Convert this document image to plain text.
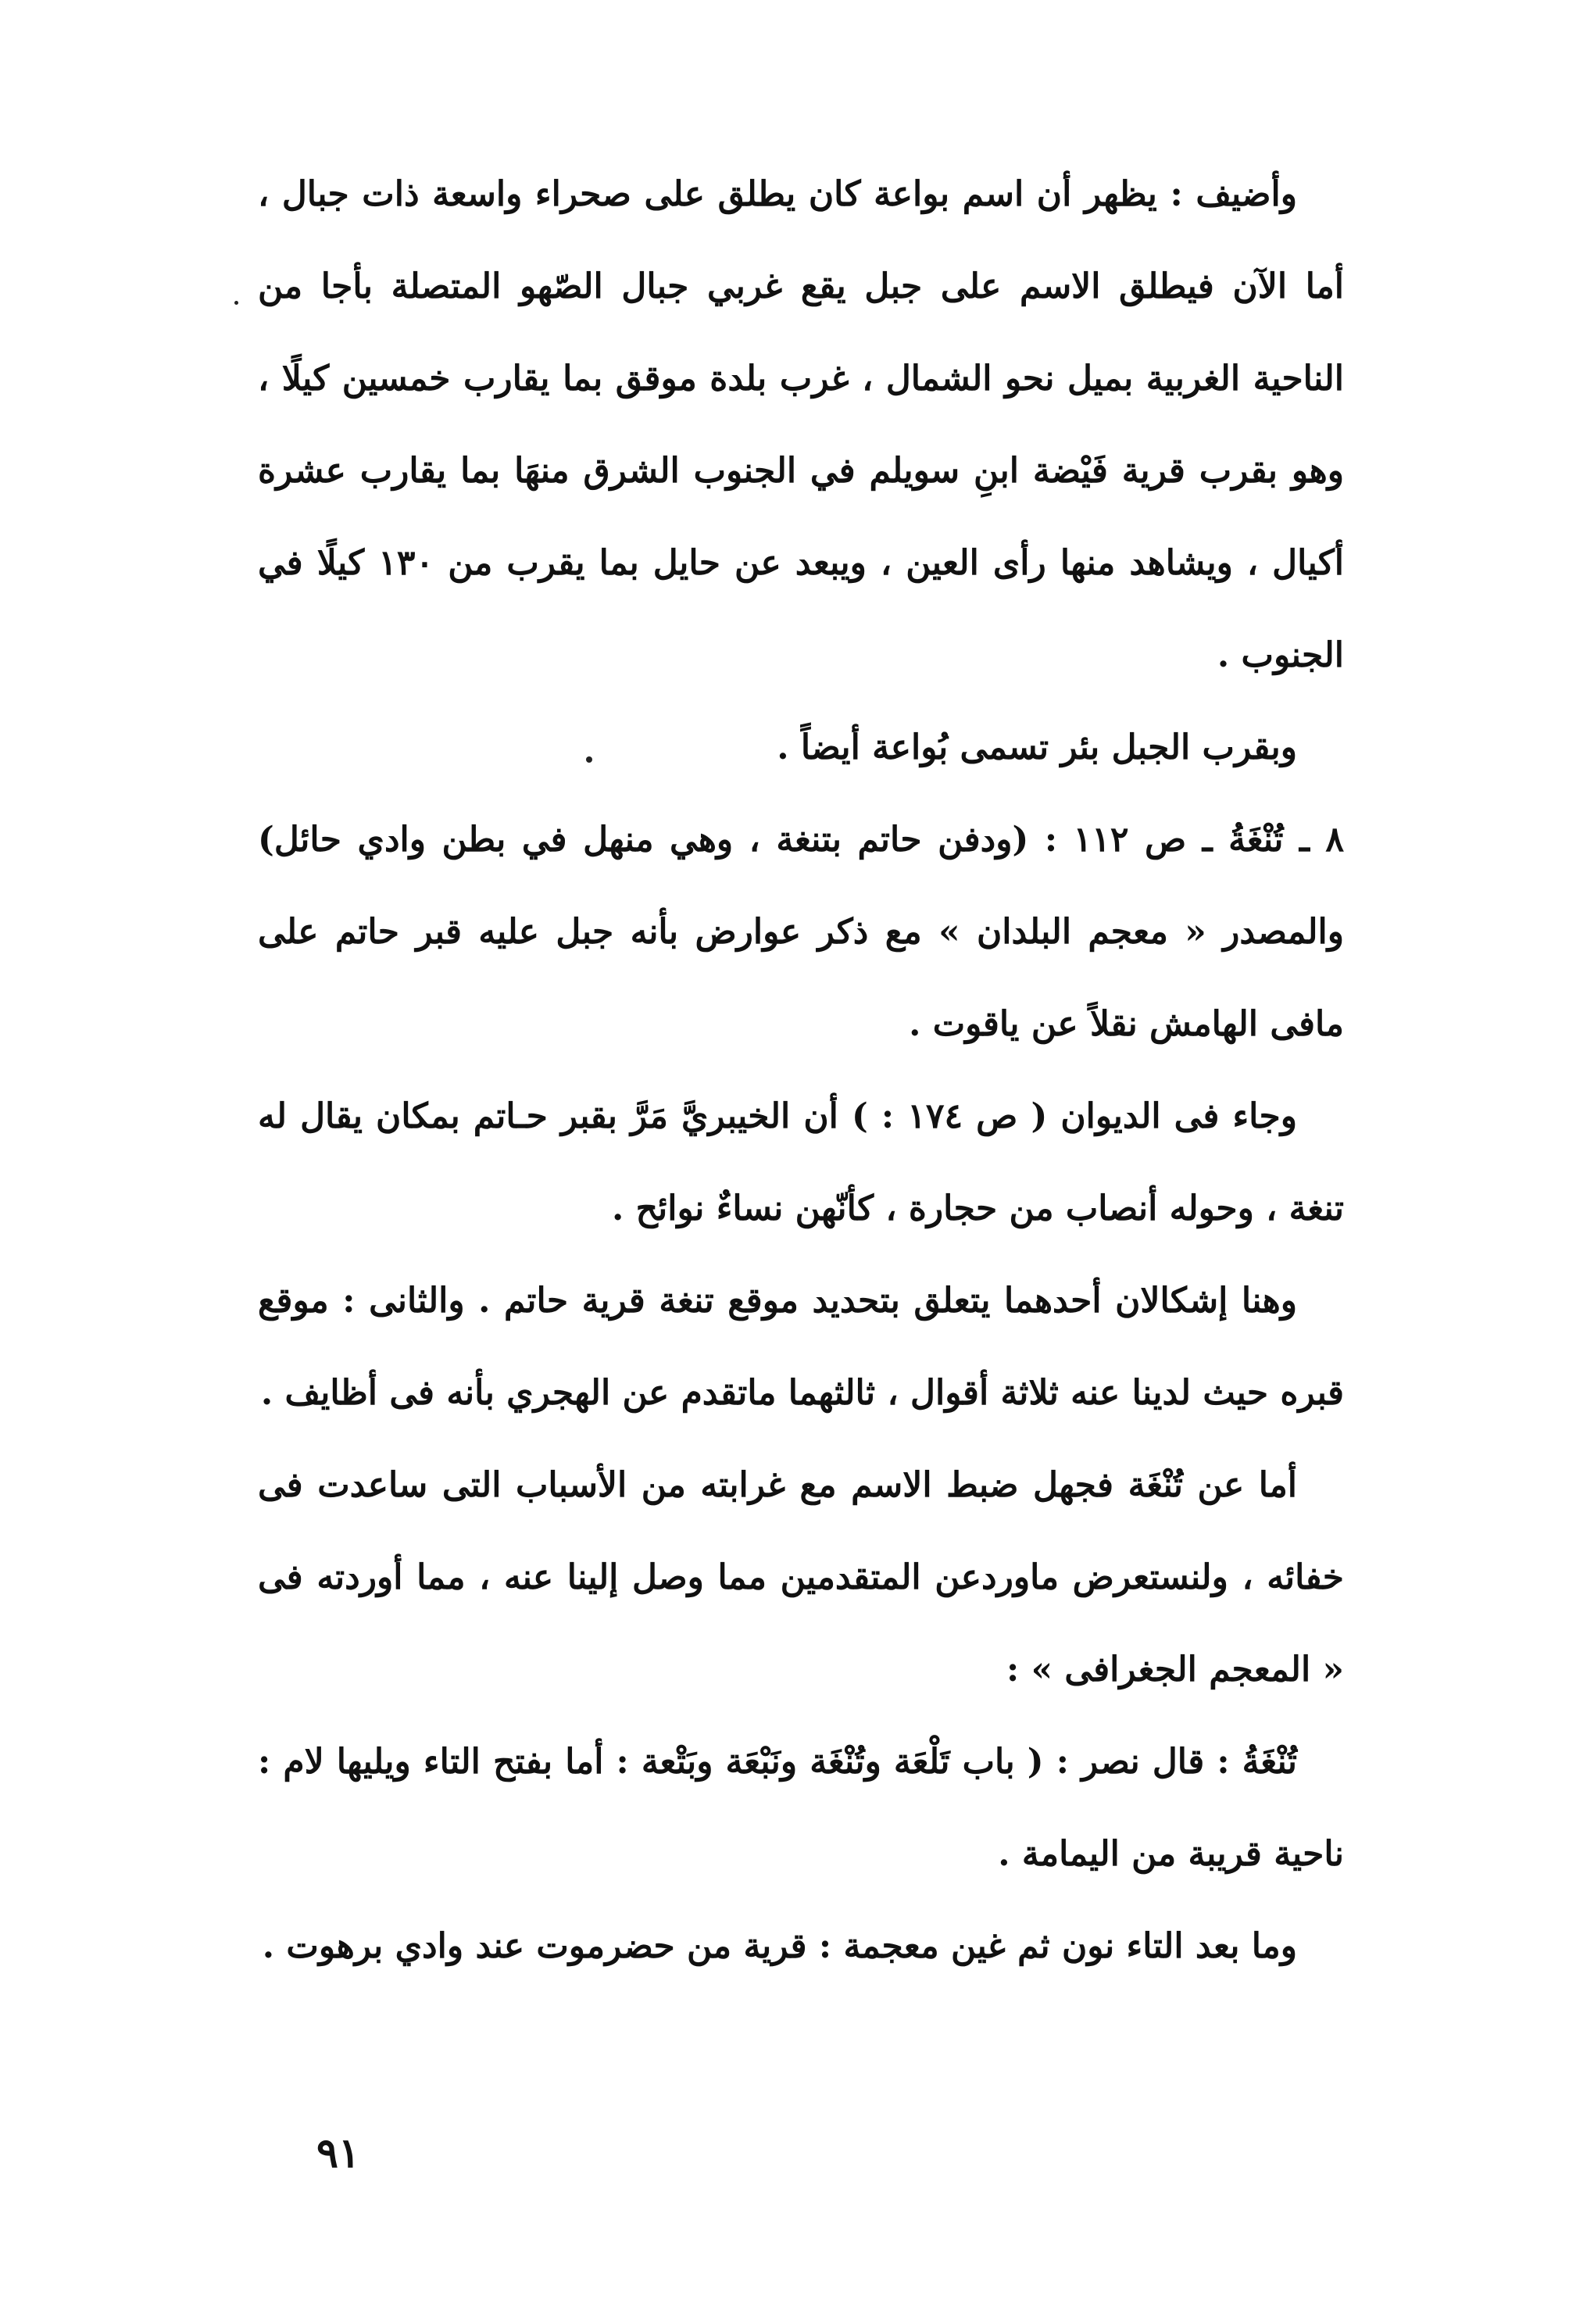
وأضيف : يظهر أن اسم بواعة كان يطلق على صحراء واسعة ذات جبال ، أما الآن فيطلق الاسم على جبل يقع غربي جبال الصّهو المتصلة بأجا من الناحية الغربية بميل نحو الشمال ، غرب بلدة موقق بما يقارب خمسين كيلًا ، وهو بقرب قرية فَيْضة ابنِ سويلم في الجنوب الشرق منهَا بما يقارب عشرة أكيال ، ويشاهد منها رأى العين ، ويبعد عن حايل بما يقرب من ١٣٠ كيلًا في الجنوب .

وبقرب الجبل بئر تسمى بُواعة أيضاً .

٨ ـ تُنْغَةُ ـ ص ١١٢ : (ودفن حاتم بتنغة ، وهي منهل في بطن وادي حائل) والمصدر « معجم البلدان » مع ذكر عوارض بأنه جبل عليه قبر حاتم على مافى الهامش نقلاً عن ياقوت .

وجاء فى الديوان ( ص ١٧٤ : ) أن الخيبريَّ مَرَّ بقبر حـاتم بمكان يقال له تنغة ، وحوله أنصاب من حجارة ، كأنّهن نساءٌ نوائح .

وهنا إشكالان أحدهما يتعلق بتحديد موقع تنغة قرية حاتم . والثانى : موقع قبره حيث لدينا عنه ثلاثة أقوال ، ثالثهما ماتقدم عن الهجري بأنه فى أظايف .

أما عن تُنْغَة فجهل ضبط الاسم مع غرابته من الأسباب التى ساعدت فى خفائه ، ولنستعرض ماوردعن المتقدمين مما وصل إلينا عنه ، مما أوردته فى « المعجم الجغرافى » :

تُنْغَةُ : قال نصر : ( باب تَلْعَة وتُنْغَة ونَبْعَة وبَتْعة : أما بفتح التاء ويليها لام : ناحية قريبة من اليمامة .

وما بعد التاء نون ثم غين معجمة : قرية من حضرموت عند وادي برهوت .

٩١
